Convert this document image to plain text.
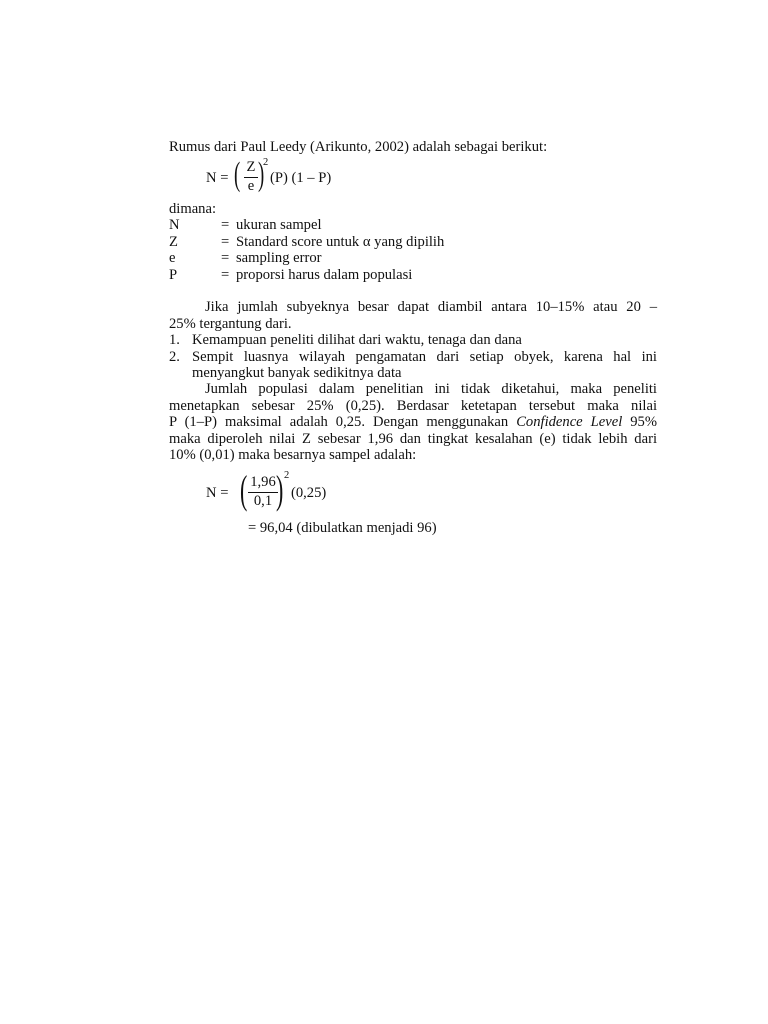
Rumus dari Paul Leedy (Arikunto, 2002) adalah sebagai berikut:
N = ( Z
e )
2
(P) (1 – P)
dimana:
N	= ukuran sampel
Z	= Standard score untuk α yang dipilih
e	= sampling error
P	= proporsi harus dalam populasi
Jika jumlah subyeknya besar dapat diambil antara 10–15% atau 20 –
25% tergantung dari.
1. Kemampuan peneliti dilihat dari waktu, tenaga dan dana
2. Sempit luasnya wilayah pengamatan dari setiap obyek, karena hal ini
menyangkut banyak sedikitnya data
Jumlah populasi dalam penelitian ini tidak diketahui, maka peneliti
menetapkan sebesar 25% (0,25). Berdasar ketetapan tersebut maka nilai
P (1–P) maksimal adalah 0,25. Dengan menggunakan Confidence Level 95%
maka diperoleh nilai Z sebesar 1,96 dan tingkat kesalahan (e) tidak lebih dari
10% (0,01) maka besarnya sampel adalah:
N = ( 1,96
0,1 ) 2
(0,25)
= 96,04 (dibulatkan menjadi 96)
